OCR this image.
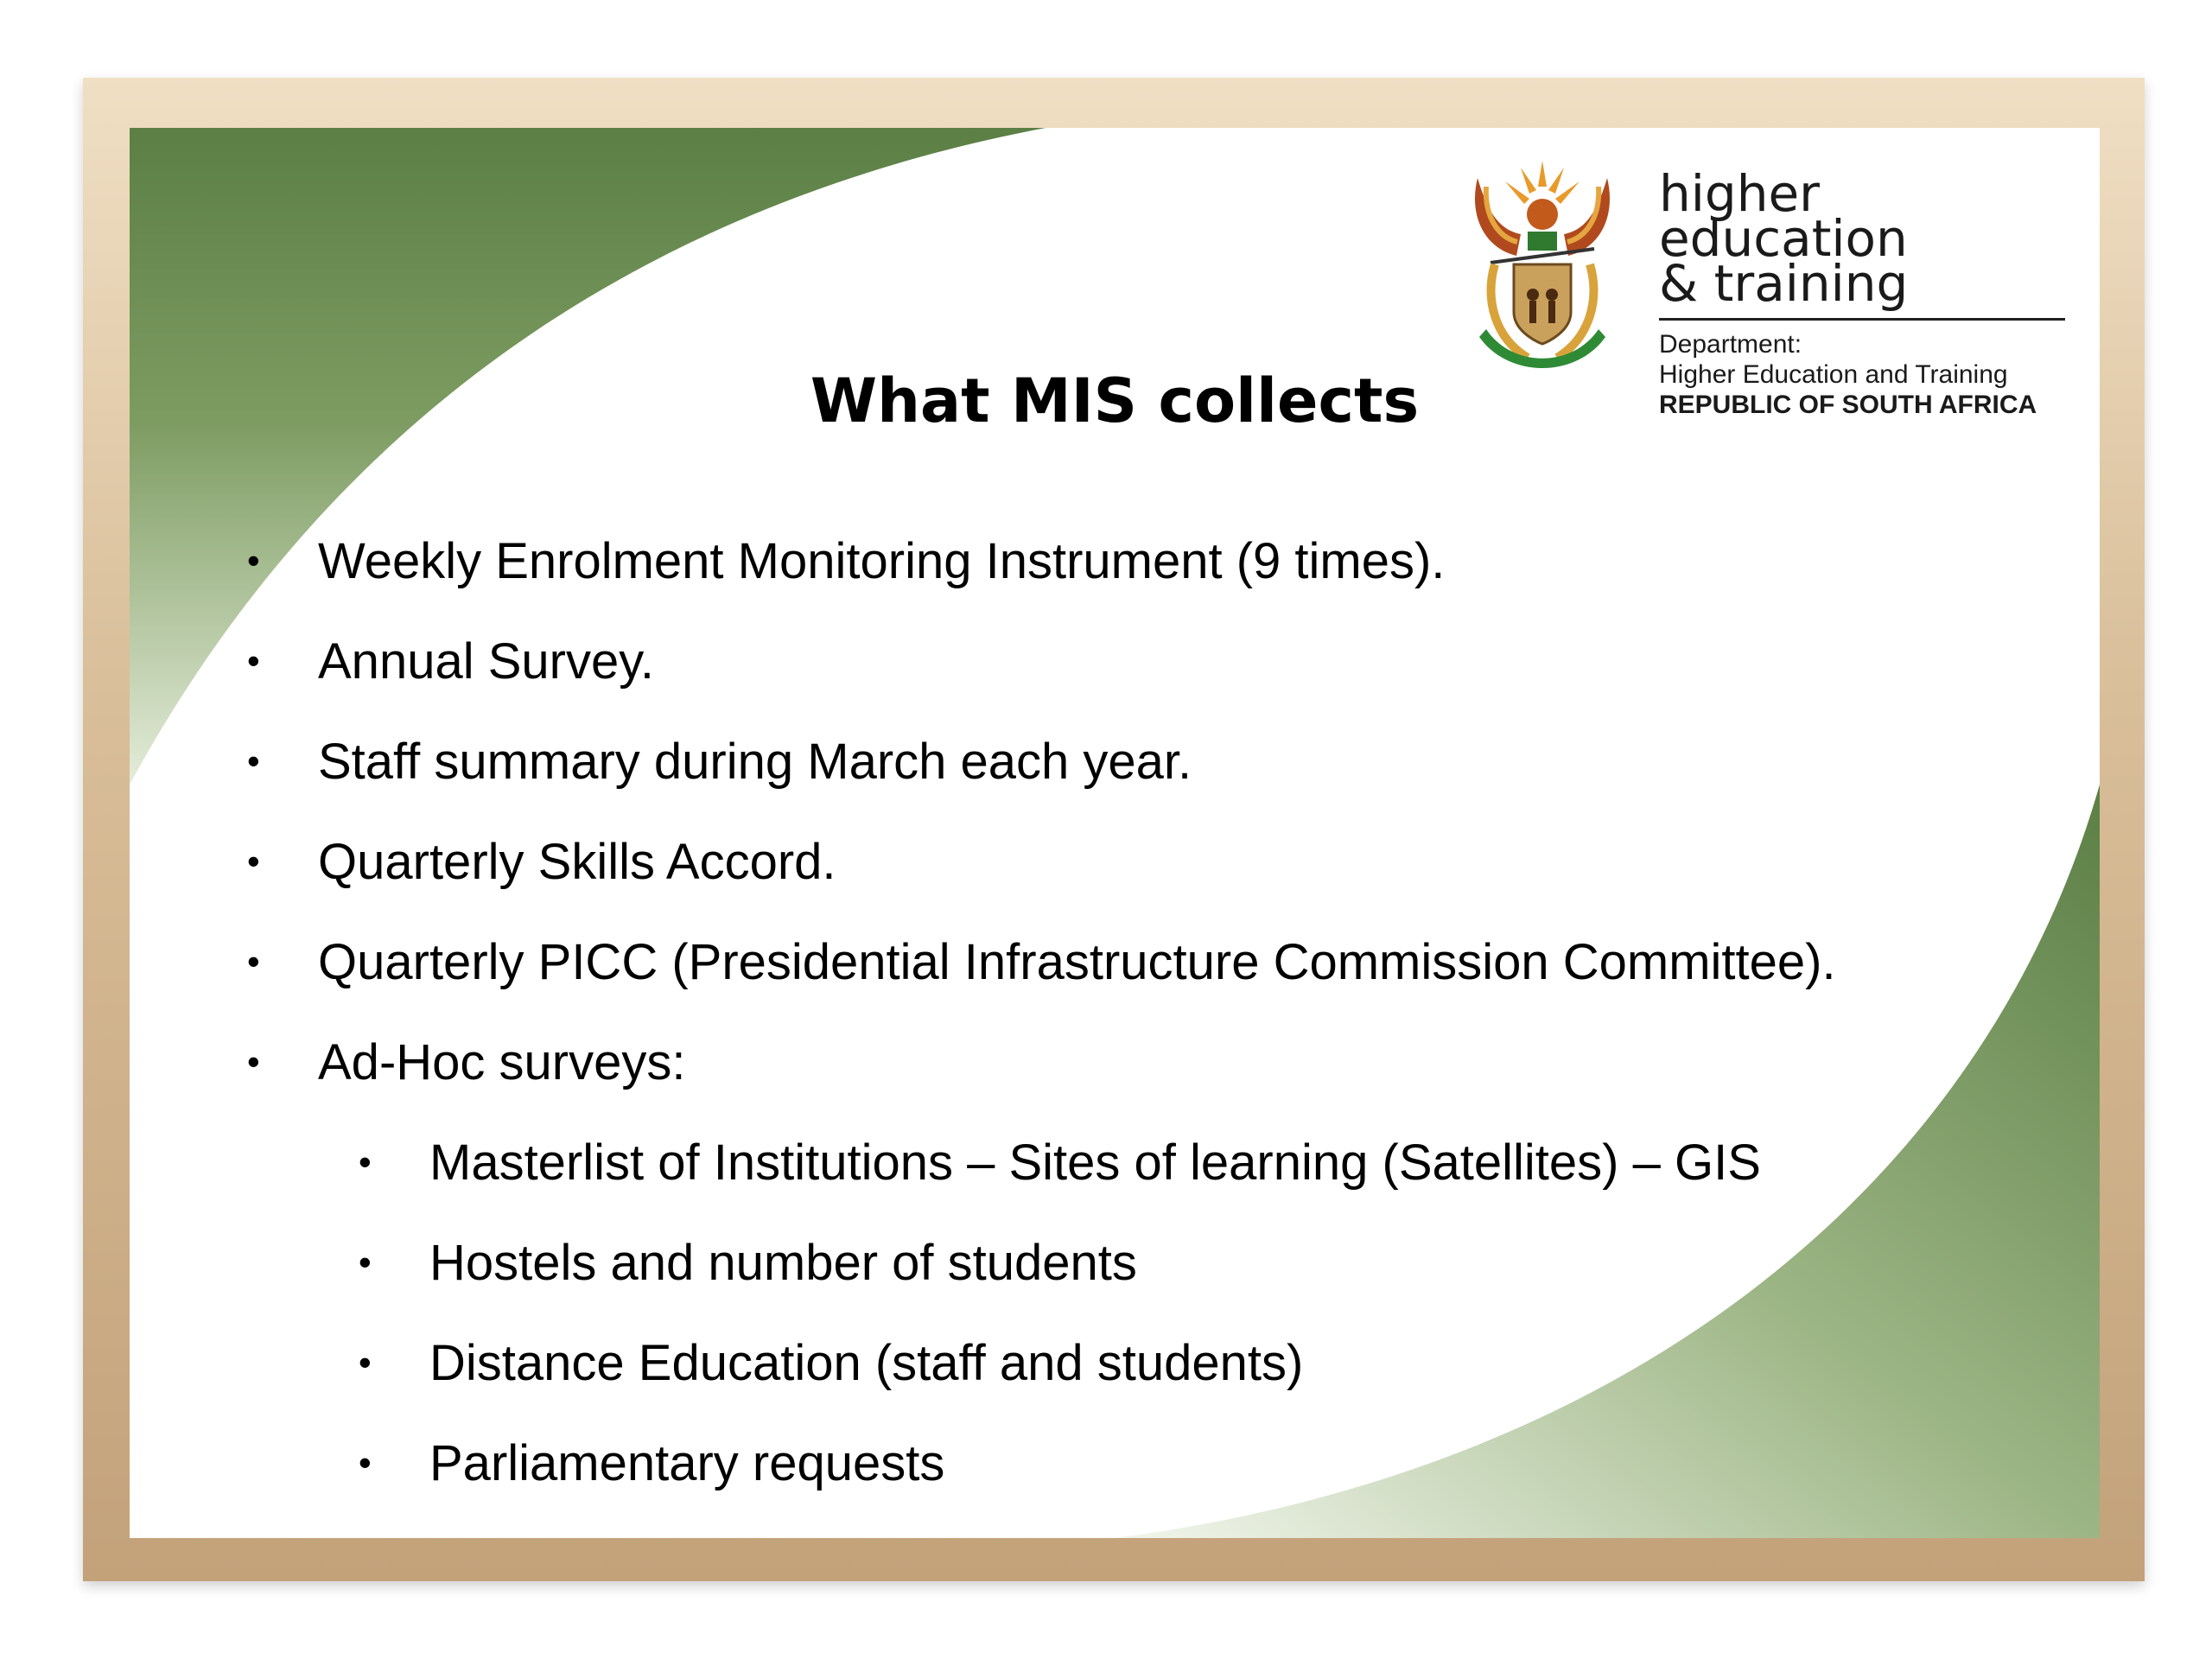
higher education
& training
Department:
Higher Education and Training
REPUBLIC OF SOUTH AFRICA
What MIS collects
• Weekly Enrolment Monitoring Instrument (9 times).
• Annual Survey.
• Staff summary during March each year.
• Quarterly Skills Accord.
• Quarterly PICC (Presidential Infrastructure Commission Committee).
• Ad-Hoc surveys:
• Masterlist of Institutions – Sites of learning (Satellites) – GIS
• Hostels and number of students
• Distance Education (staff and students)
• Parliamentary requests
